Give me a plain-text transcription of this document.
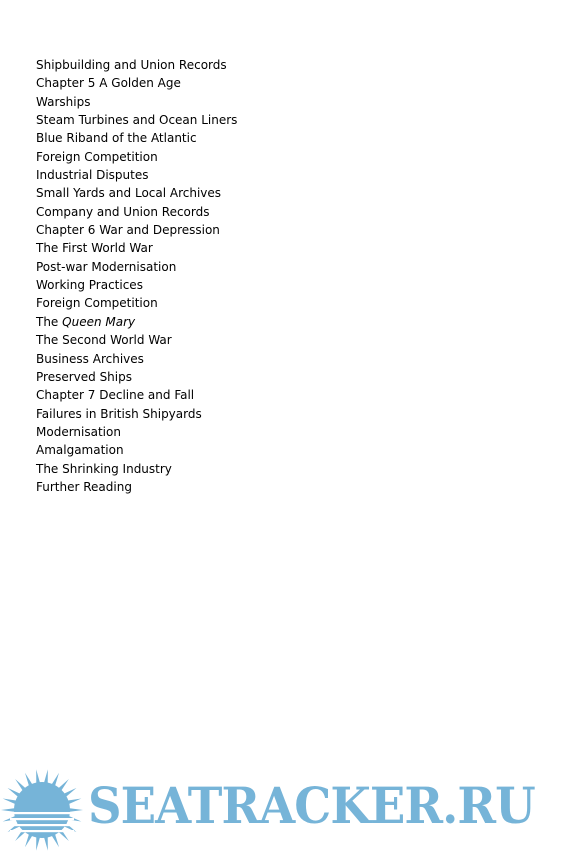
Shipbuilding and Union Records
Chapter 5 A Golden Age
Warships
Steam Turbines and Ocean Liners
Blue Riband of the Atlantic
Foreign Competition
Industrial Disputes
Small Yards and Local Archives
Company and Union Records
Chapter 6 War and Depression
The First World War
Post-war Modernisation
Working Practices
Foreign Competition
The Queen Mary
The Second World War
Business Archives
Preserved Ships
Chapter 7 Decline and Fall
Failures in British Shipyards
Modernisation
Amalgamation
The Shrinking Industry
Further Reading
SEATRACKER.RU
